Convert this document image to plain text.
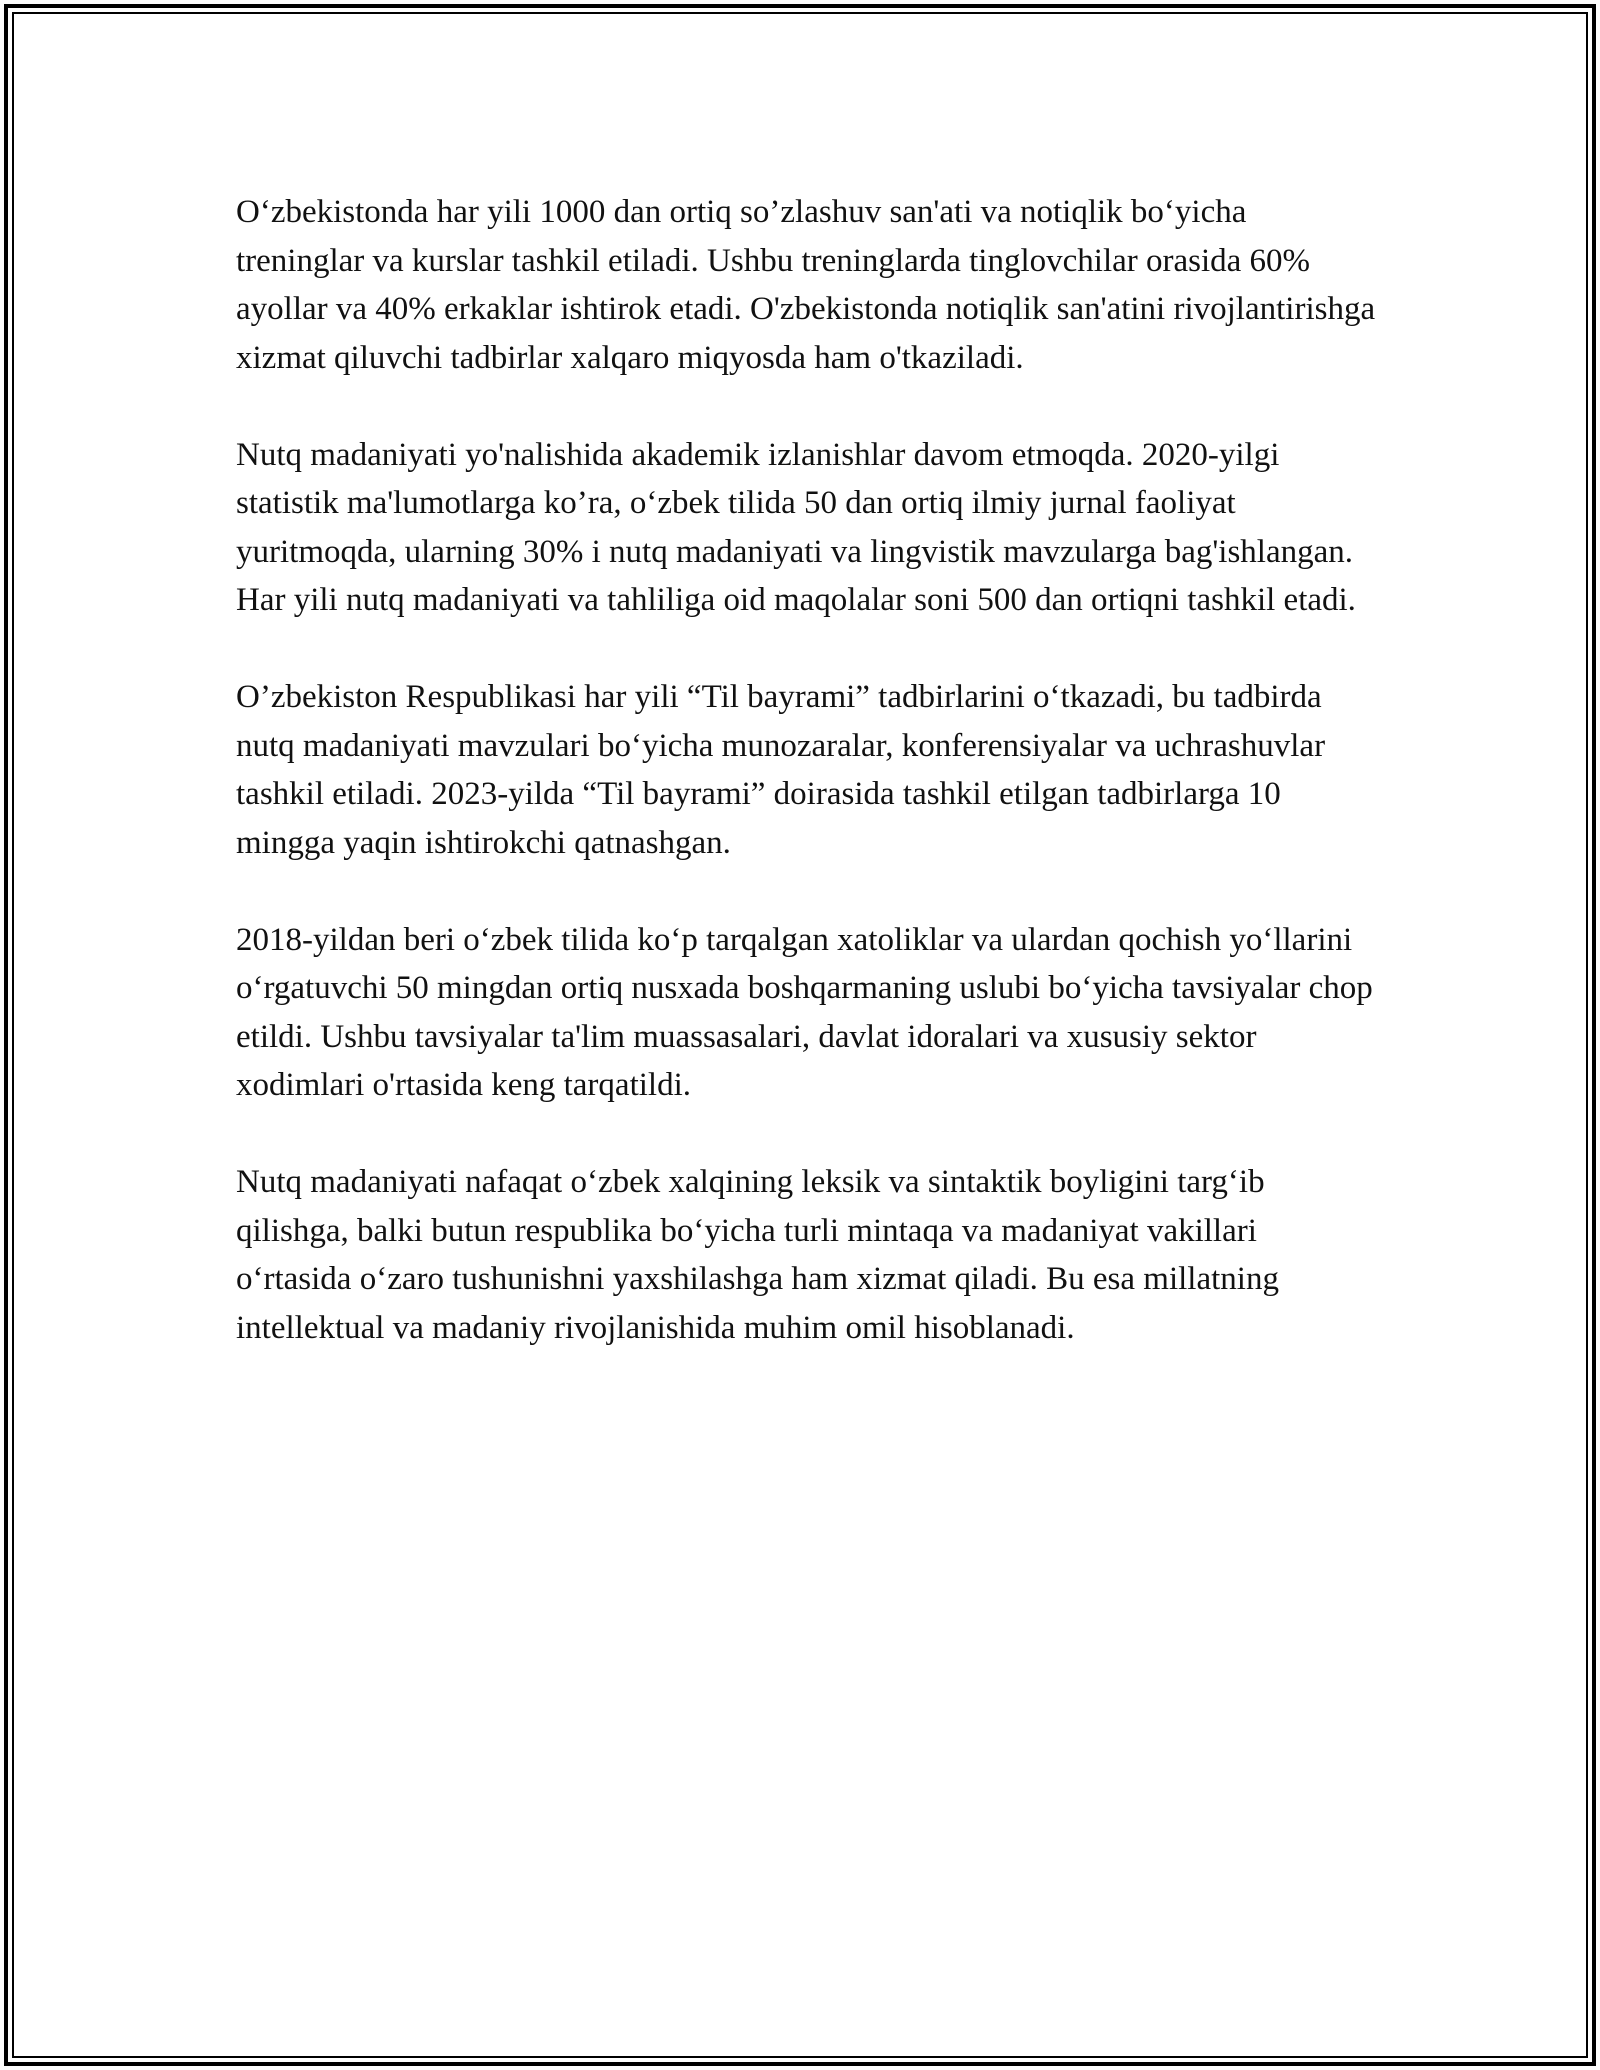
O‘zbekistonda har yili 1000 dan ortiq so’zlashuv san'ati va notiqlik bo‘yicha treninglar va kurslar tashkil etiladi. Ushbu treninglarda tinglovchilar orasida 60% ayollar va 40% erkaklar ishtirok etadi. O'zbekistonda notiqlik san'atini rivojlantirishga xizmat qiluvchi tadbirlar xalqaro miqyosda ham o'tkaziladi.

Nutq madaniyati yo'nalishida akademik izlanishlar davom etmoqda. 2020-yilgi statistik ma'lumotlarga ko’ra, o‘zbek tilida 50 dan ortiq ilmiy jurnal faoliyat yuritmoqda, ularning 30% i nutq madaniyati va lingvistik mavzularga bag'ishlangan. Har yili nutq madaniyati va tahliliga oid maqolalar soni 500 dan ortiqni tashkil etadi.

O’zbekiston Respublikasi har yili “Til bayrami” tadbirlarini o‘tkazadi, bu tadbirda nutq madaniyati mavzulari bo‘yicha munozaralar, konferensiyalar va uchrashuvlar tashkil etiladi. 2023-yilda “Til bayrami” doirasida tashkil etilgan tadbirlarga 10 mingga yaqin ishtirokchi qatnashgan.

2018-yildan beri o‘zbek tilida ko‘p tarqalgan xatoliklar va ulardan qochish yo‘llarini o‘rgatuvchi 50 mingdan ortiq nusxada boshqarmaning uslubi bo‘yicha tavsiyalar chop etildi. Ushbu tavsiyalar ta'lim muassasalari, davlat idoralari va xususiy sektor xodimlari o'rtasida keng tarqatildi.

Nutq madaniyati nafaqat o‘zbek xalqining leksik va sintaktik boyligini targ‘ib qilishga, balki butun respublika bo‘yicha turli mintaqa va madaniyat vakillari o‘rtasida o‘zaro tushunishni yaxshilashga ham xizmat qiladi. Bu esa millatning intellektual va madaniy rivojlanishida muhim omil hisoblanadi.
